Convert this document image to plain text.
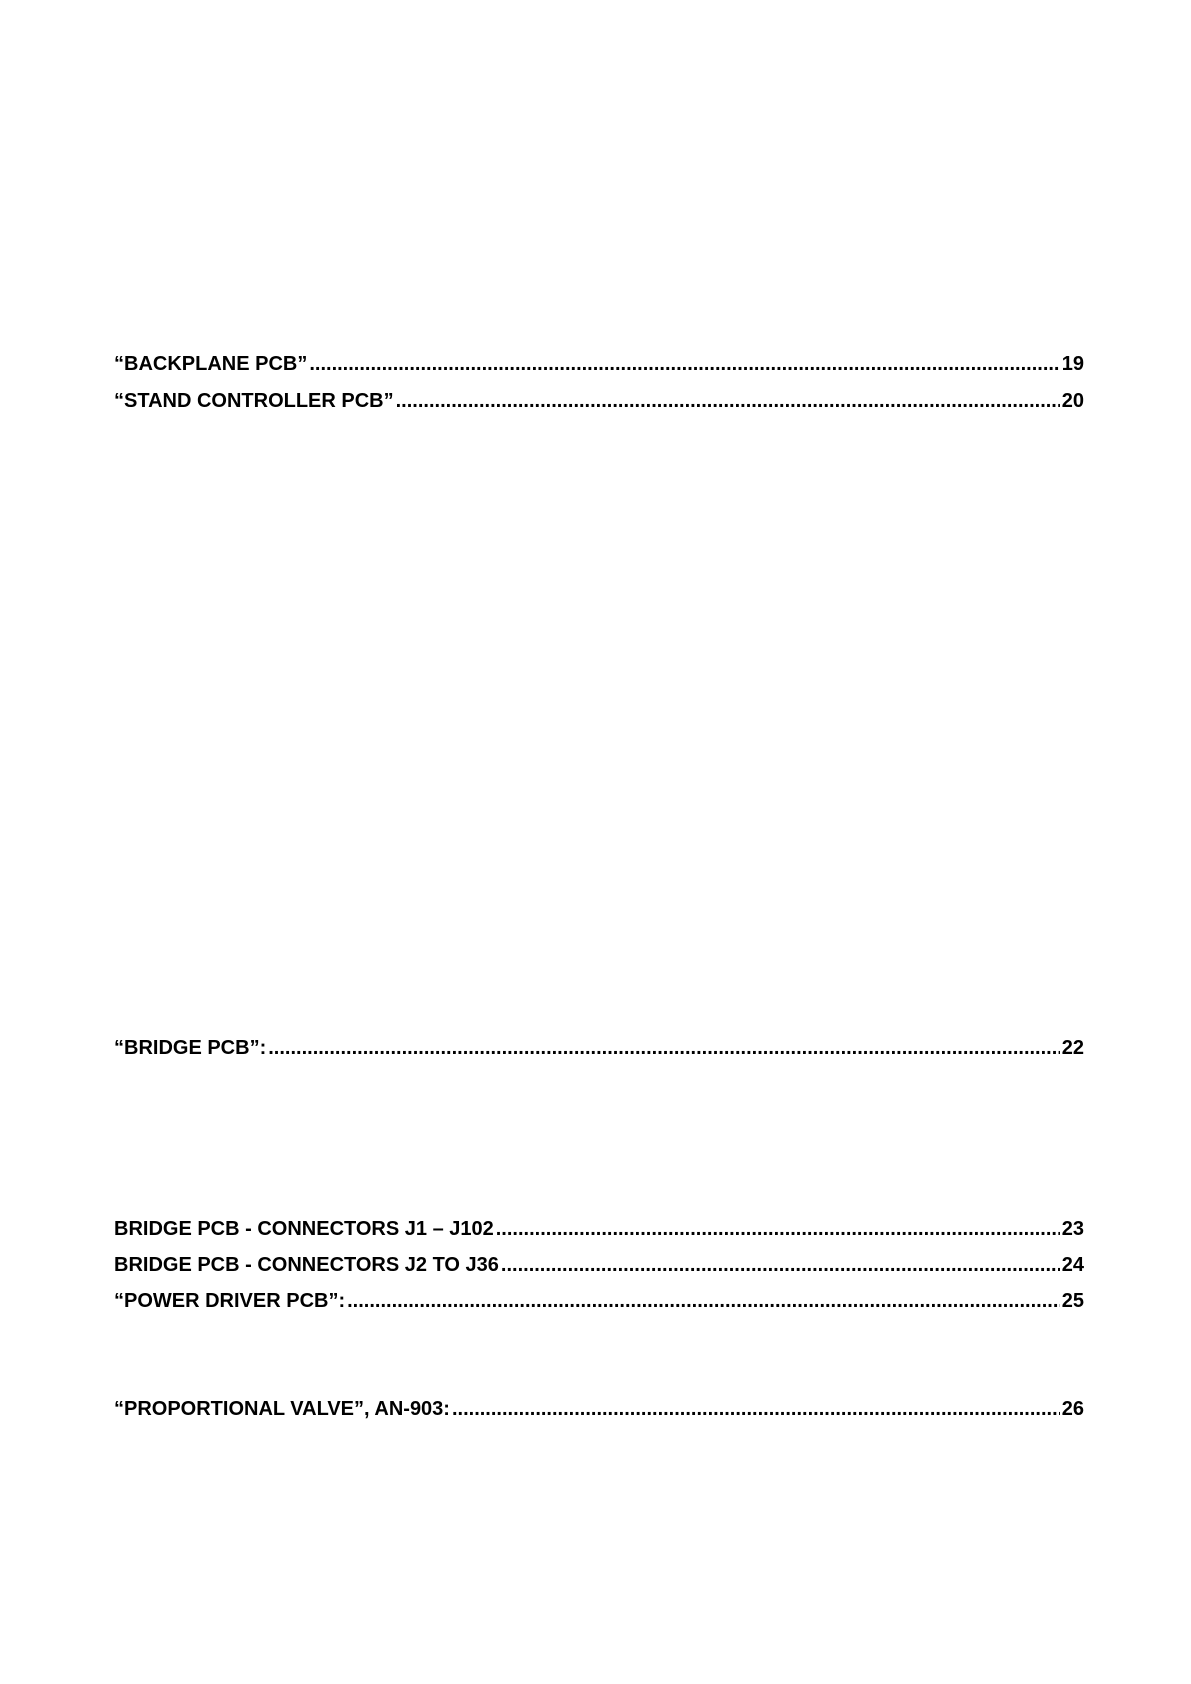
“BACKPLANE PCB” .....	19
“STAND CONTROLLER PCB” .....	20
“BRIDGE PCB”: .....	22
BRIDGE PCB - CONNECTORS J1 – J102 .....	23
BRIDGE PCB - CONNECTORS J2 TO J36 .....	24
“POWER DRIVER PCB”: .....	25
“PROPORTIONAL VALVE”, AN-903: .....	26
